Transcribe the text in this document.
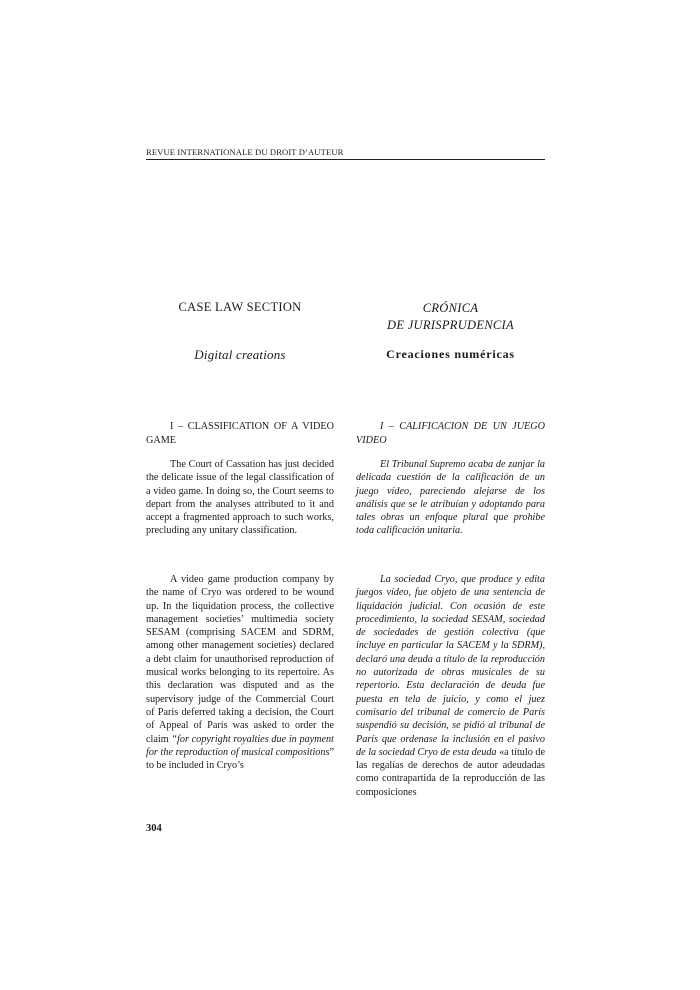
REVUE INTERNATIONALE DU DROIT D’AUTEUR
CASE LAW SECTION	CRÓNICA
DE JURISPRUDENCIA
Digital creations	Creaciones numéricas
I – CLASSIFICATION OF A VIDEO GAME
I – CALIFICACION DE UN JUEGO VIDEO

The Court of Cassation has just decided the delicate issue of the legal classification of a video game. In doing so, the Court seems to depart from the analyses attributed to it and accept a fragmented approach to such works, precluding any unitary classification.

El Tribunal Supremo acaba de zanjar la delicada cuestión de la calificación de un juego vídeo, pareciendo alejarse de los análisis que se le atribuían y adoptando para tales obras un enfoque plural que prohibe toda calificación unitaria.

A video game production company by the name of Cryo was ordered to be wound up. In the liquidation process, the collective management societies’ multimedia society SESAM (comprising SACEM and SDRM, among other management societies) declared a debt claim for unauthorised reproduction of musical works belonging to its repertoire. As this declaration was disputed and as the supervisory judge of the Commercial Court of Paris deferred taking a decision, the Court of Appeal of Paris was asked to order the claim “for copyright royalties due in payment for the reproduction of musical compositions” to be included in Cryo’s

La sociedad Cryo, que produce y edita juegos vídeo, fue objeto de una sentencia de liquidación judicial. Con ocasión de este procedimiento, la sociedad SESAM, sociedad de sociedades de gestión colectiva (que incluye en particular la SACEM y la SDRM), declaró una deuda a título de la reproducción no autorizada de obras musicales de su repertorio. Esta declaración de deuda fue puesta en tela de juicio, y como el juez comisario del tribunal de comercio de París suspendió su decisión, se pidió al tribunal de París que ordenase la inclusión en el pasivo de la sociedad Cryo de esta deuda «a título de las regalías de derechos de autor adeudadas como contrapartida de la reproducción de las composiciones

304
